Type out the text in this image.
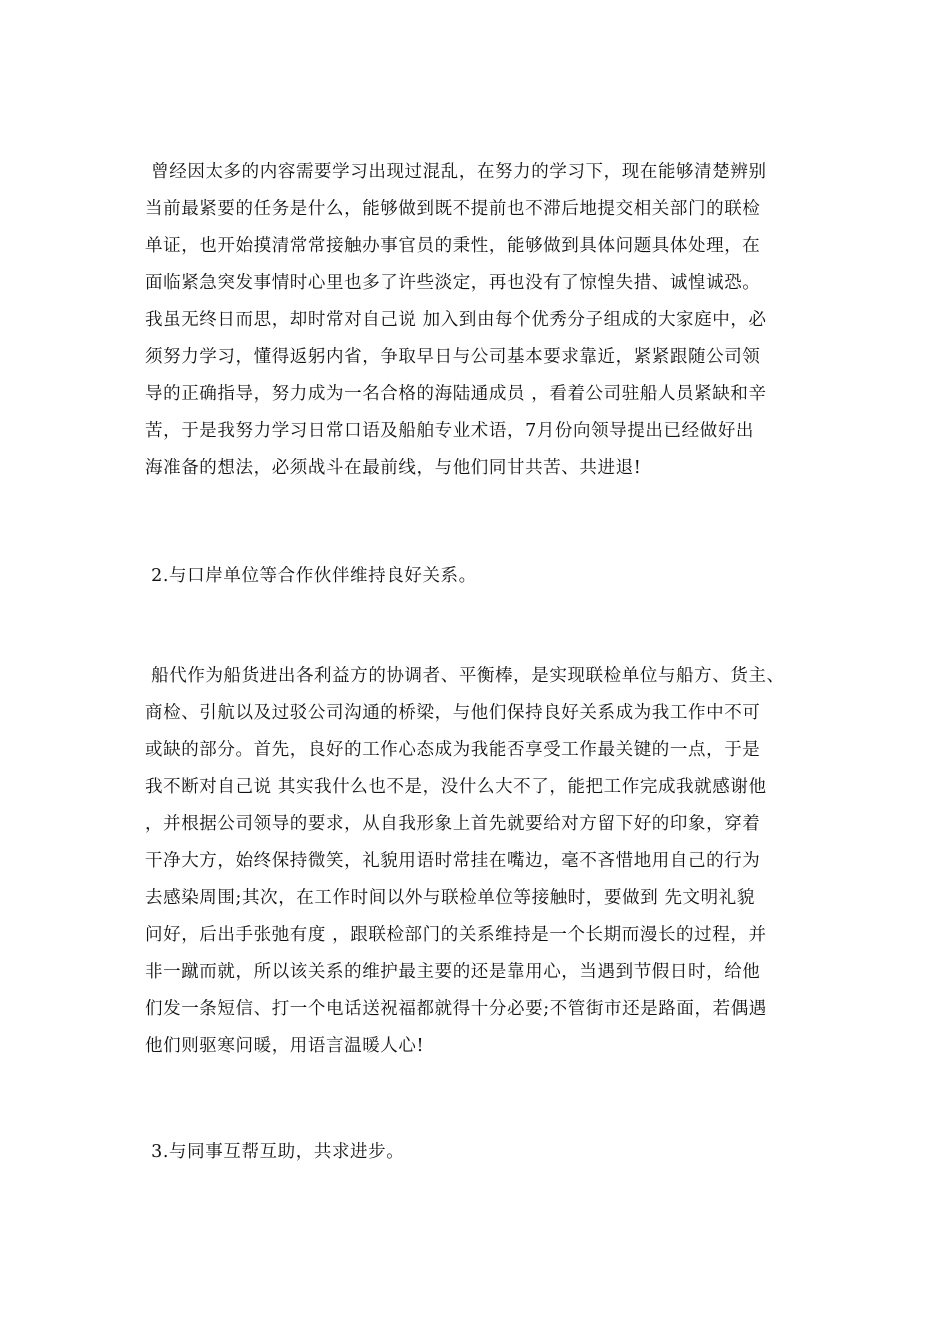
曾经因太多的内容需要学习出现过混乱，在努力的学习下，现在能够清楚辨别
当前最紧要的任务是什么，能够做到既不提前也不滞后地提交相关部门的联检
单证，也开始摸清常常接触办事官员的秉性，能够做到具体问题具体处理，在
面临紧急突发事情时心里也多了许些淡定，再也没有了惊惶失措、诚惶诚恐。
我虽无终日而思，却时常对自己说 加入到由每个优秀分子组成的大家庭中，必
须努力学习，懂得返躬内省，争取早日与公司基本要求靠近，紧紧跟随公司领
导的正确指导，努力成为一名合格的海陆通成员 ，看着公司驻船人员紧缺和辛
苦，于是我努力学习日常口语及船舶专业术语，7月份向领导提出已经做好出
海准备的想法，必须战斗在最前线，与他们同甘共苦、共进退!
2.与口岸单位等合作伙伴维持良好关系。
船代作为船货进出各利益方的协调者、平衡棒，是实现联检单位与船方、货主、
商检、引航以及过驳公司沟通的桥梁，与他们保持良好关系成为我工作中不可
或缺的部分。首先，良好的工作心态成为我能否享受工作最关键的一点，于是
我不断对自己说 其实我什么也不是，没什么大不了，能把工作完成我就感谢他
，并根据公司领导的要求，从自我形象上首先就要给对方留下好的印象，穿着
干净大方，始终保持微笑，礼貌用语时常挂在嘴边，毫不吝惜地用自己的行为
去感染周围;其次，在工作时间以外与联检单位等接触时，要做到 先文明礼貌
问好，后出手张弛有度 ，跟联检部门的关系维持是一个长期而漫长的过程，并
非一蹴而就，所以该关系的维护最主要的还是靠用心，当遇到节假日时，给他
们发一条短信、打一个电话送祝福都就得十分必要;不管街市还是路面，若偶遇
他们则驱寒问暖，用语言温暖人心!
3.与同事互帮互助，共求进步。
